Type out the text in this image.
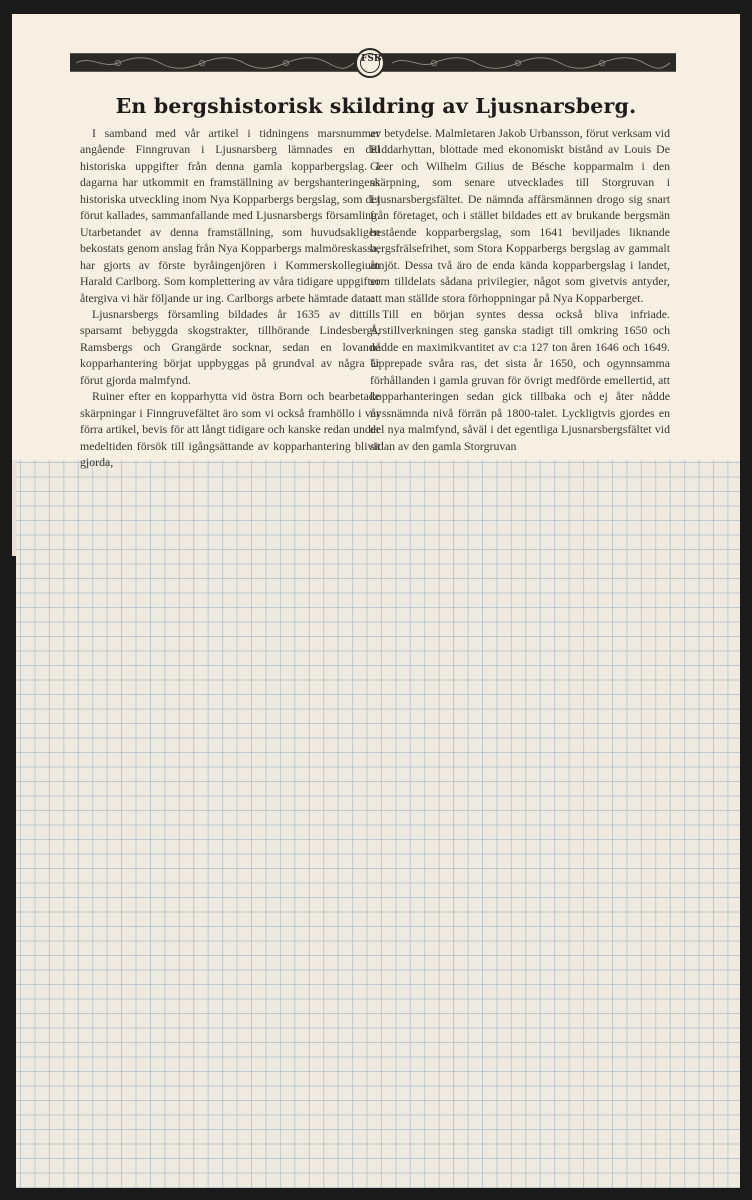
FSB
En bergshistorisk skildring av Ljusnarsberg.

I samband med vår artikel i tidningens marsnummer angående Finngruvan i Ljusnarsberg lämnades en del historiska uppgifter från denna gamla kopparbergslag. I dagarna har utkommit en framställning av bergshanteringens historiska utveckling inom Nya Kopparbergs bergslag, som det förut kallades, sammanfallande med Ljusnarsbergs församling. Utarbetandet av denna framställning, som huvudsakligen bekostats genom anslag från Nya Kopparbergs malmöreskassa, har gjorts av förste byråingenjören i Kommerskollegium Harald Carlborg. Som komplettering av våra tidigare uppgifter återgiva vi här följande ur ing. Carlborgs arbete hämtade data:

Ljusnarsbergs församling bildades år 1635 av dittills sparsamt bebyggda skogstrakter, tillhörande Lindesbergs, Ramsbergs och Grangärde socknar, sedan en lovande kopparhantering börjat uppbyggas på grundval av några år förut gjorda malmfynd.

Ruiner efter en kopparhytta vid östra Born och bearbetade skärpningar i Finngruvefältet äro som vi också framhöllo i vår förra artikel, bevis för att långt tidigare och kanske redan under medeltiden försök till igångsättande av kopparhantering blivit gjorda,

av betydelse. Malmletaren Jakob Urbansson, förut verksam vid Riddarhyttan, blottade med ekonomiskt bistånd av Louis De Geer och Wilhelm Gilius de Bésche kopparmalm i den skärpning, som senare utvecklades till Storgruvan i Ljusnarsbergsfältet. De nämnda affärsmännen drogo sig snart från företaget, och i stället bildades ett av brukande bergsmän bestående kopparbergslag, som 1641 beviljades liknande bergsfrälsefrihet, som Stora Kopparbergs bergslag av gammalt åtnjöt. Dessa två äro de enda kända kopparbergslag i landet, som tilldelats sådana privilegier, något som givetvis antyder, att man ställde stora förhoppningar på Nya Kopparberget.

Till en början syntes dessa också bliva infriade. Årstillverkningen steg ganska stadigt till omkring 1650 och nådde en maximikvantitet av c:a 127 ton åren 1646 och 1649. Upprepade svåra ras, det sista år 1650, och ogynnsamma förhållanden i gamla gruvan för övrigt medförde emellertid, att kopparhanteringen sedan gick tillbaka och ej åter nådde nyssnämnda nivå förrän på 1800-talet. Lyckligtvis gjordes en del nya malmfynd, såväl i det egentliga Ljusnarsbergsfältet vid sidan av den gamla Storgruvan
